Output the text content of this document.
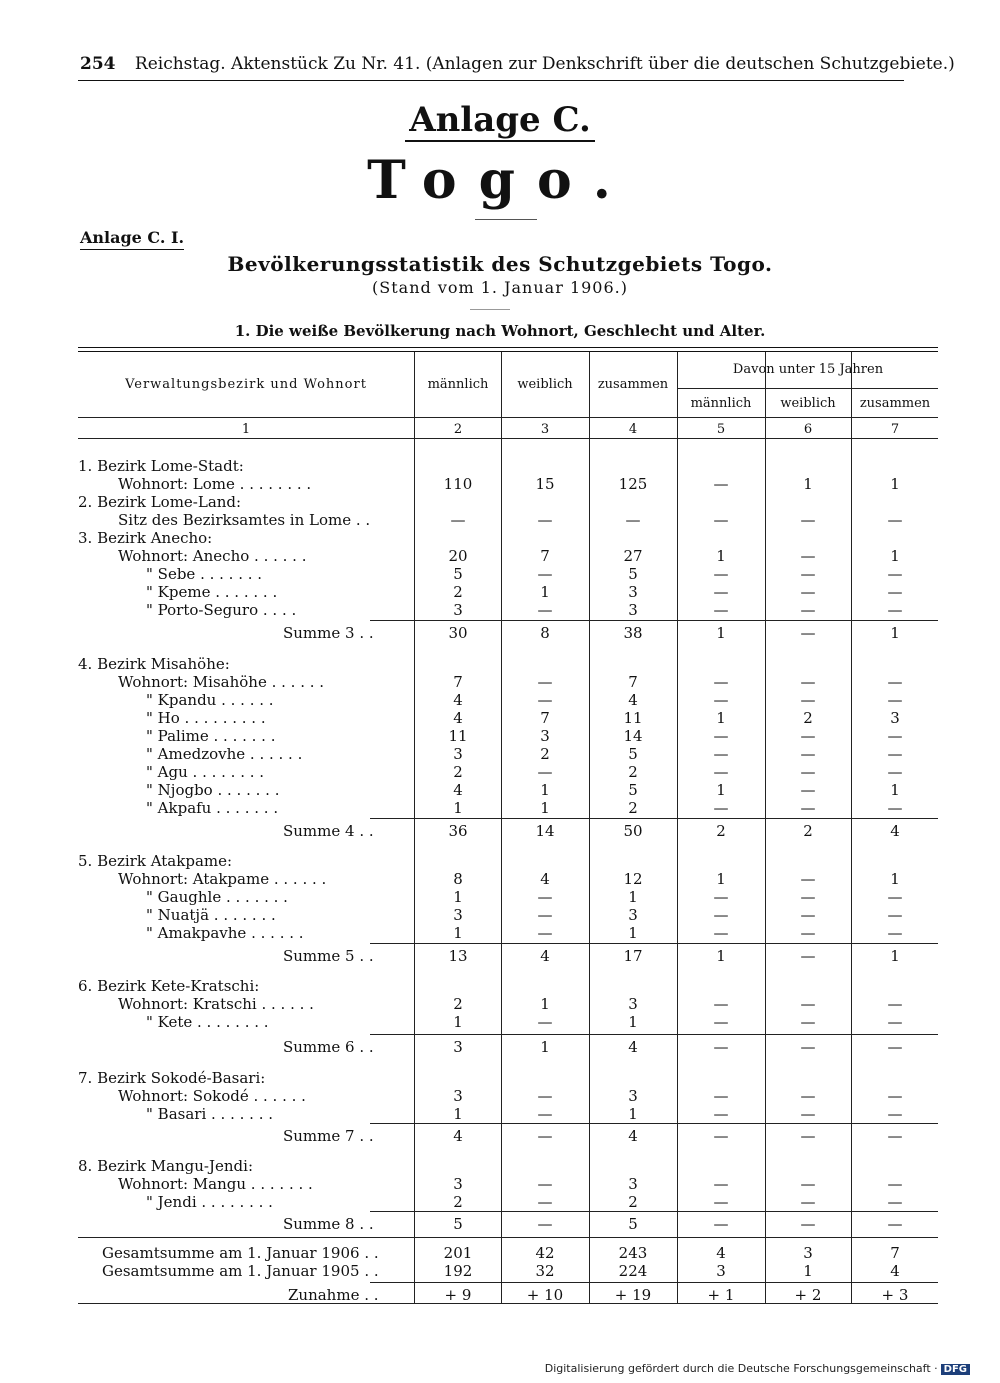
254 Reichstag. Aktenstück Zu Nr. 41. (Anlagen zur Denkschrift über die deutschen Schutzgebiete.)
Anlage C.
Togo.
Anlage C. I.
Bevölkerungsstatistik des Schutzgebiets Togo.
(Stand vom 1. Januar 1906.)
1. Die weiße Bevölkerung nach Wohnort, Geschlecht und Alter.
Verwaltungsbezirk und Wohnort	männlich	weiblich	zusammen
Davon unter 15 Jahren
männlich	weiblich	zusammen
1	2	3	4	5	6	7
1. Bezirk Lome-Stadt:
Wohnort: Lome . . . . . . . .	110	15	125	—	1	1
2. Bezirk Lome-Land:
Sitz des Bezirksamtes in Lome . .	—	—	—	—	—	—
3. Bezirk Anecho:
Wohnort: Anecho . . . . . .	20	7	27	1	—	1
" Sebe . . . . . . .	5	—	5	—	—	—
" Kpeme . . . . . . .	2	1	3	—	—	—
" Porto-Seguro . . . .	3	—	3	—	—	—
Summe 3 . .	30	8	38	1	—	1
4. Bezirk Misahöhe:
Wohnort: Misahöhe . . . . . .	7	—	7	—	—	—
" Kpandu . . . . . .	4	—	4	—	—	—
" Ho . . . . . . . . .	4	7	11	1	2	3
" Palime . . . . . . .	11	3	14	—	—	—
" Amedzovhe . . . . . .	3	2	5	—	—	—
" Agu . . . . . . . .	2	—	2	—	—	—
" Njogbo . . . . . . .	4	1	5	1	—	1
" Akpafu . . . . . . .	1	1	2	—	—	—
Summe 4 . .	36	14	50	2	2	4
5. Bezirk Atakpame:
Wohnort: Atakpame . . . . . .	8	4	12	1	—	1
" Gaughle . . . . . . .	1	—	1	—	—	—
" Nuatjä . . . . . . .	3	—	3	—	—	—
" Amakpavhe . . . . . .	1	—	1	—	—	—
Summe 5 . .	13	4	17	1	—	1
6. Bezirk Kete-Kratschi:
Wohnort: Kratschi . . . . . .	2	1	3	—	—	—
" Kete . . . . . . . .	1	—	1	—	—	—
Summe 6 . .	3	1	4	—	—	—
7. Bezirk Sokodé-Basari:
Wohnort: Sokodé . . . . . .	3	—	3	—	—	—
" Basari . . . . . . .	1	—	1	—	—	—
Summe 7 . .	4	—	4	—	—	—
8. Bezirk Mangu-Jendi:
Wohnort: Mangu . . . . . . .	3	—	3	—	—	—
" Jendi . . . . . . . .	2	—	2	—	—	—
Summe 8 . .	5	—	5	—	—	—
Gesamtsumme am 1. Januar 1906 . .	201	42	243	4	3	7
Gesamtsumme am 1. Januar 1905 . .	192	32	224	3	1	4
Zunahme . .	+ 9	+ 10	+ 19	+ 1	+ 2	+ 3
Digitalisierung gefördert durch die Deutsche Forschungsgemeinschaft · DFG
